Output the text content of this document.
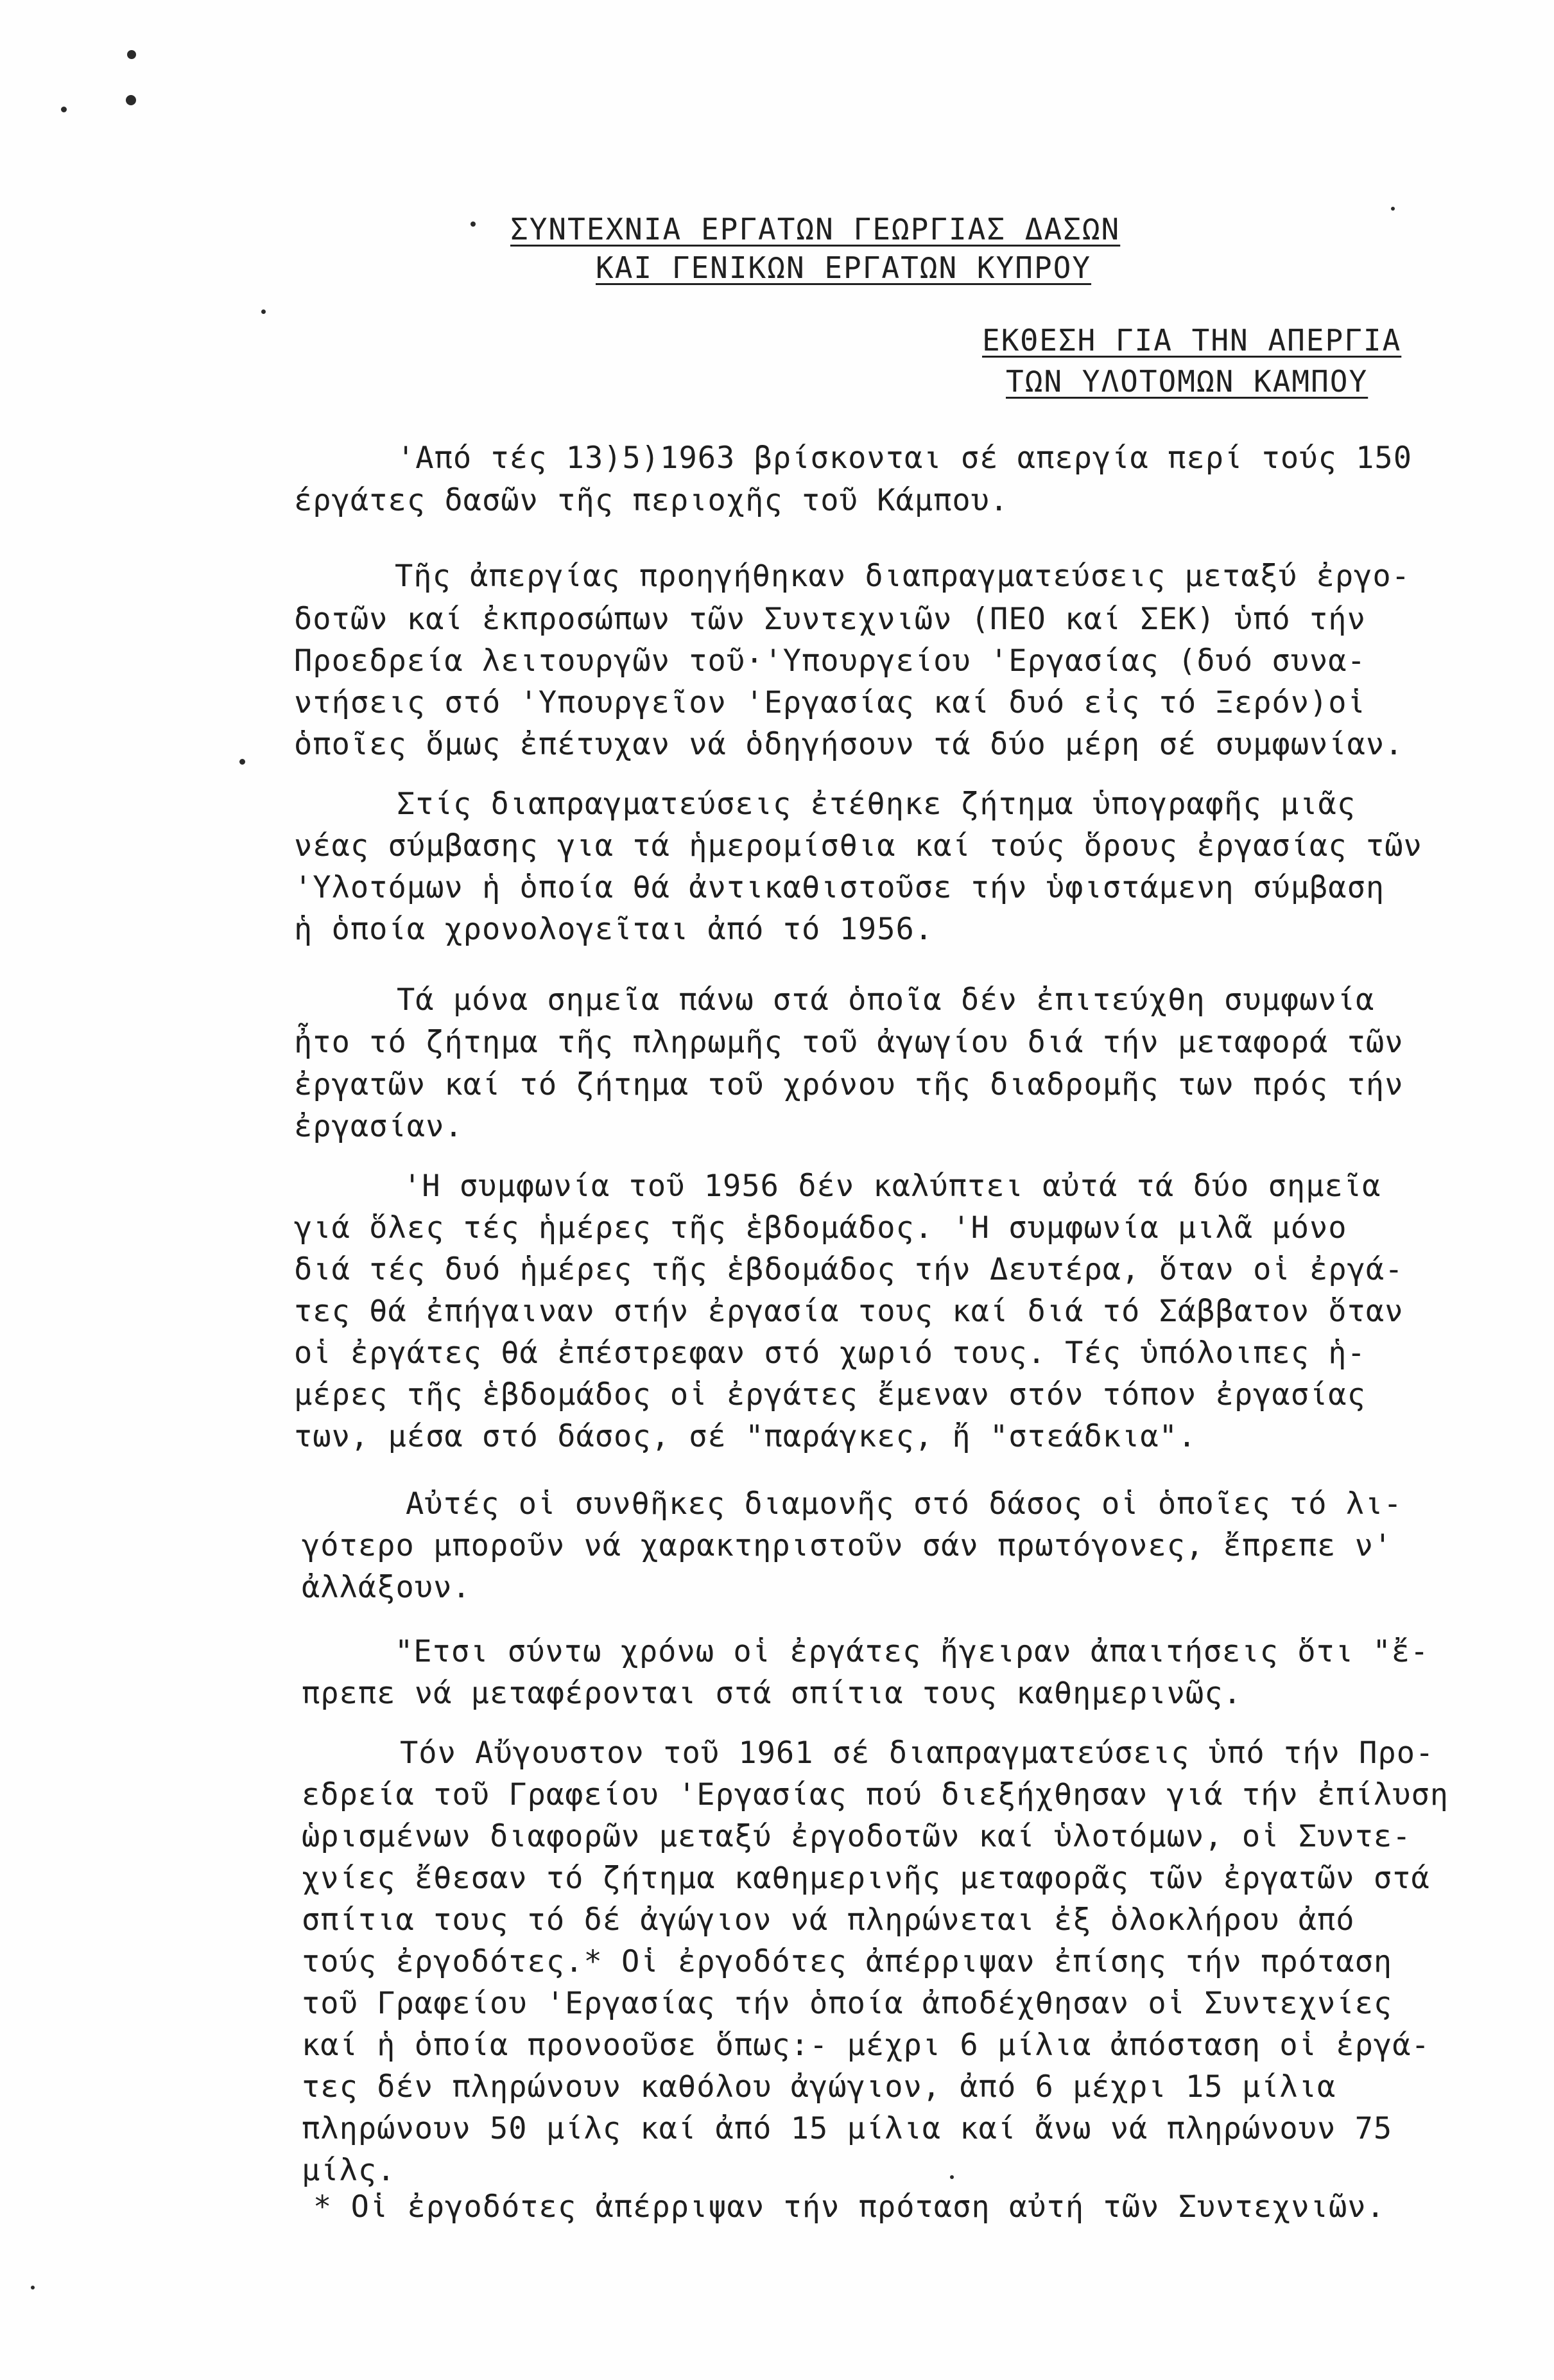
ΣΥΝΤΕΧΝΙΑ ΕΡΓΑΤΩΝ ΓΕΩΡΓΙΑΣ ΔΑΣΩΝ
ΚΑΙ ΓΕΝΙΚΩΝ ΕΡΓΑΤΩΝ ΚΥΠΡΟΥ
ΕΚΘΕΣΗ ΓΙΑ ΤΗΝ ΑΠΕΡΓΙΑ
ΤΩΝ ΥΛΟΤΟΜΩΝ ΚΑΜΠΟΥ
'Από τές 13)5)1963 βρίσκονται σέ απεργία περί τούς 150
έργάτες δασῶν τῆς περιοχῆς τοῦ Κάμπου.
Τῆς ἀπεργίας προηγήθηκαν διαπραγματεύσεις μεταξύ ἐργο-
δοτῶν καί ἐκπροσώπων τῶν Συντεχνιῶν (ΠΕΟ καί ΣΕΚ) ὑπό τήν
Προεδρεία λειτουργῶν τοῦ·'Υπουργείου 'Εργασίας (δυό συνα-
ντήσεις στό 'Υπουργεῖον 'Εργασίας καί δυό εἰς τό Ξερόν)οἱ
ὁποῖες ὅμως ἐπέτυχαν νά ὁδηγήσουν τά δύο μέρη σέ συμφωνίαν.
Στίς διαπραγματεύσεις ἐτέθηκε ζήτημα ὑπογραφῆς μιᾶς
νέας σύμβασης για τά ἡμερομίσθια καί τούς ὅρους ἐργασίας τῶν
'Υλοτόμων ἡ ὁποία θά ἀντικαθιστοῦσε τήν ὑφιστάμενη σύμβαση
ἡ ὁποία χρονολογεῖται ἀπό τό 1956.
Τά μόνα σημεῖα πάνω στά ὁποῖα δέν ἐπιτεύχθη συμφωνία
ἦτο τό ζήτημα τῆς πληρωμῆς τοῦ ἀγωγίου διά τήν μεταφορά τῶν
ἐργατῶν καί τό ζήτημα τοῦ χρόνου τῆς διαδρομῆς των πρός τήν
ἐργασίαν.
'Η συμφωνία τοῦ 1956 δέν καλύπτει αὐτά τά δύο σημεῖα
γιά ὅλες τές ἡμέρες τῆς ἑβδομάδος. 'Η συμφωνία μιλᾶ μόνο
διά τές δυό ἡμέρες τῆς ἑβδομάδος τήν Δευτέρα, ὅταν οἱ ἐργά-
τες θά ἐπήγαιναν στήν ἐργασία τους καί διά τό Σάββατον ὅταν
οἱ ἐργάτες θά ἐπέστρεφαν στό χωριό τους. Τές ὑπόλοιπες ἡ-
μέρες τῆς ἑβδομάδος οἱ ἐργάτες ἔμεναν στόν τόπον ἐργασίας
των, μέσα στό δάσος, σέ "παράγκες, ἤ "στεάδκια".
Αὐτές οἱ συνθῆκες διαμονῆς στό δάσος οἱ ὁποῖες τό λι-
γότερο μποροῦν νά χαρακτηριστοῦν σάν πρωτόγονες, ἔπρεπε ν'
ἀλλάξουν.
"Ετσι σύντω χρόνω οἱ ἐργάτες ἤγειραν ἀπαιτήσεις ὅτι "ἔ-
πρεπε νά μεταφέρονται στά σπίτια τους καθημερινῶς.
Τόν Αὔγουστον τοῦ 1961 σέ διαπραγματεύσεις ὑπό τήν Προ-
εδρεία τοῦ Γραφείου 'Εργασίας πού διεξήχθησαν γιά τήν ἐπίλυση
ὡρισμένων διαφορῶν μεταξύ ἐργοδοτῶν καί ὑλοτόμων, οἱ Συντε-
χνίες ἔθεσαν τό ζήτημα καθημερινῆς μεταφορᾶς τῶν ἐργατῶν στά
σπίτια τους τό δέ ἀγώγιον νά πληρώνεται ἐξ ὁλοκλήρου ἀπό
τούς ἐργοδότες.* Οἱ ἐργοδότες ἀπέρριψαν ἐπίσης τήν πρόταση
τοῦ Γραφείου 'Εργασίας τήν ὁποία ἀποδέχθησαν οἱ Συντεχνίες
καί ἡ ὁποία προνοοῦσε ὅπως:- μέχρι 6 μίλια ἀπόσταση οἱ ἐργά-
τες δέν πληρώνουν καθόλου ἀγώγιον, ἀπό 6 μέχρι 15 μίλια
πληρώνουν 50 μίλς καί ἀπό 15 μίλια καί ἄνω νά πληρώνουν 75
μίλς.
* Οἱ ἐργοδότες ἀπέρριψαν τήν πρόταση αὐτή τῶν Συντεχνιῶν.
